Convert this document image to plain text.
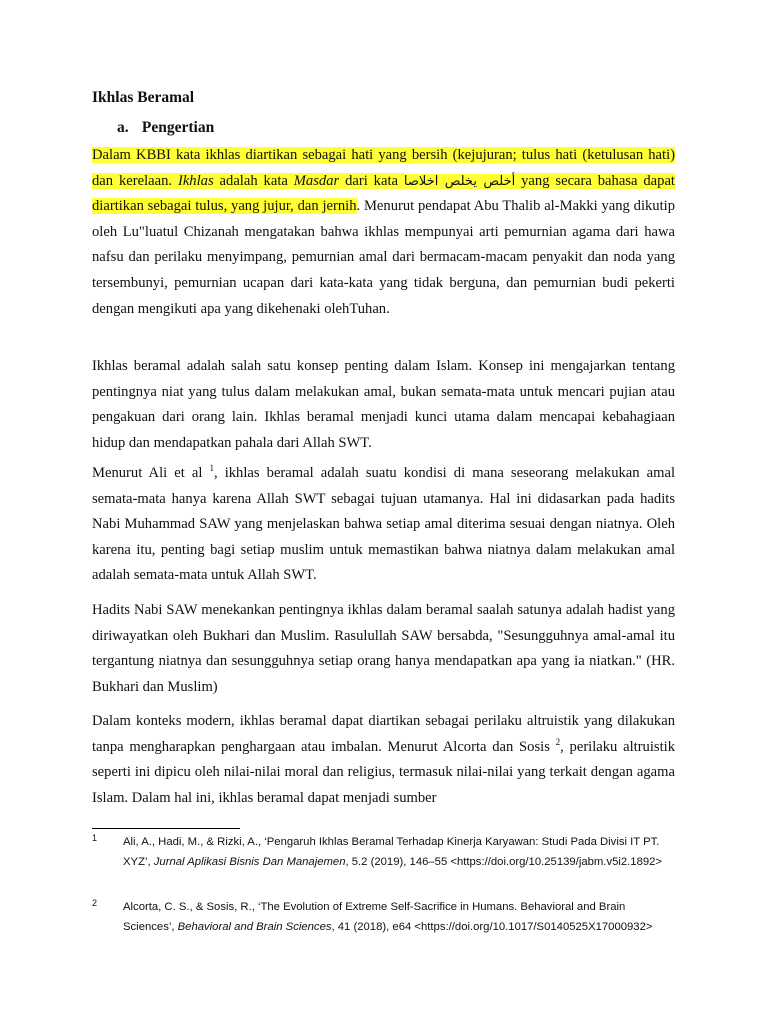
Ikhlas Beramal
a. Pengertian

Dalam KBBI kata ikhlas diartikan sebagai hati yang bersih (kejujuran; tulus hati (ketulusan hati) dan kerelaan. Ikhlas adalah kata Masdar dari kata أخلص يخلص اخلاصا yang secara bahasa dapat diartikan sebagai tulus, yang jujur, dan jernih. Menurut pendapat Abu Thalib al-Makki yang dikutip oleh Lu"luatul Chizanah mengatakan bahwa ikhlas mempunyai arti pemurnian agama dari hawa nafsu dan perilaku menyimpang, pemurnian amal dari bermacam-macam penyakit dan noda yang tersembunyi, pemurnian ucapan dari kata-kata yang tidak berguna, dan pemurnian budi pekerti dengan mengikuti apa yang dikehenaki olehTuhan.

Ikhlas beramal adalah salah satu konsep penting dalam Islam. Konsep ini mengajarkan tentang pentingnya niat yang tulus dalam melakukan amal, bukan semata-mata untuk mencari pujian atau pengakuan dari orang lain. Ikhlas beramal menjadi kunci utama dalam mencapai kebahagiaan hidup dan mendapatkan pahala dari Allah SWT.

Menurut Ali et al $^1$, ikhlas beramal adalah suatu kondisi di mana seseorang melakukan amal semata-mata hanya karena Allah SWT sebagai tujuan utamanya. Hal ini didasarkan pada hadits Nabi Muhammad SAW yang menjelaskan bahwa setiap amal diterima sesuai dengan niatnya. Oleh karena itu, penting bagi setiap muslim untuk memastikan bahwa niatnya dalam melakukan amal adalah semata-mata untuk Allah SWT.

Hadits Nabi SAW menekankan pentingnya ikhlas dalam beramal saalah satunya adalah hadist yang diriwayatkan oleh Bukhari dan Muslim. Rasulullah SAW bersabda, "Sesungguhnya amal-amal itu tergantung niatnya dan sesungguhnya setiap orang hanya mendapatkan apa yang ia niatkan." (HR. Bukhari dan Muslim)

Dalam konteks modern, ikhlas beramal dapat diartikan sebagai perilaku altruistik yang dilakukan tanpa mengharapkan penghargaan atau imbalan. Menurut Alcorta dan Sosis $^2$, perilaku altruistik seperti ini dipicu oleh nilai-nilai moral dan religius, termasuk nilai-nilai yang terkait dengan agama Islam. Dalam hal ini, ikhlas beramal dapat menjadi sumber

1	Ali, A., Hadi, M., & Rizki, A., ‘Pengaruh Ikhlas Beramal Terhadap Kinerja Karyawan: Studi Pada Divisi IT PT. XYZ’, Jurnal Aplikasi Bisnis Dan Manajemen, 5.2 (2019), 146–55 <https://doi.org/10.25139/jabm.v5i2.1892>

2	Alcorta, C. S., & Sosis, R., ‘The Evolution of Extreme Self-Sacrifice in Humans. Behavioral and Brain Sciences’, Behavioral and Brain Sciences, 41 (2018), e64 <https://doi.org/10.1017/S0140525X17000932>
